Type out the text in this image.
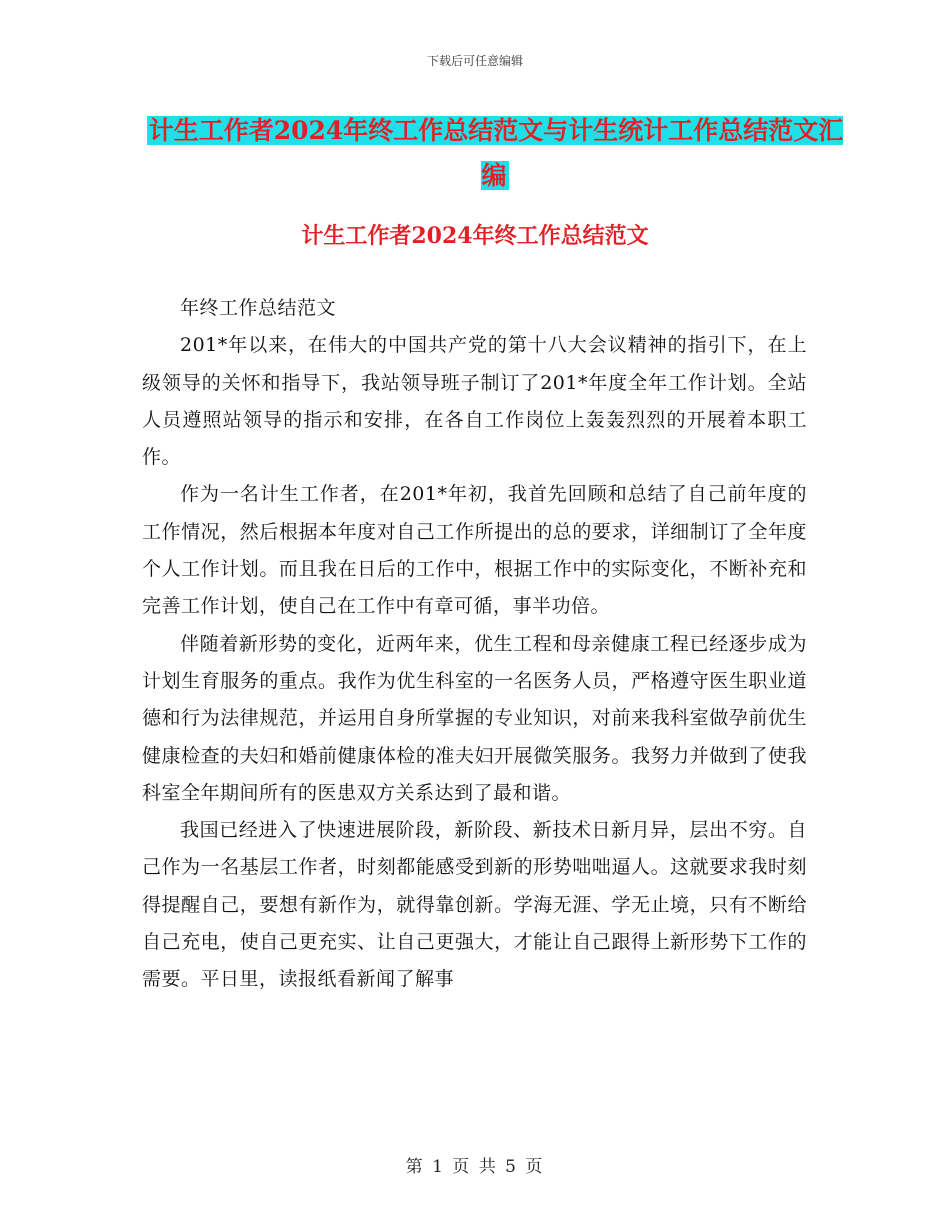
下载后可任意编辑
计生工作者2024年终工作总结范文与计生统计工作总结范文汇编
计生工作者2024年终工作总结范文

年终工作总结范文

201*年以来，在伟大的中国共产党的第十八大会议精神的指引下，在上级领导的关怀和指导下，我站领导班子制订了201*年度全年工作计划。全站人员遵照站领导的指示和安排，在各自工作岗位上轰轰烈烈的开展着本职工作。

作为一名计生工作者，在201*年初，我首先回顾和总结了自己前年度的工作情况，然后根据本年度对自己工作所提出的总的要求，详细制订了全年度个人工作计划。而且我在日后的工作中，根据工作中的实际变化，不断补充和完善工作计划，使自己在工作中有章可循，事半功倍。

伴随着新形势的变化，近两年来，优生工程和母亲健康工程已经逐步成为计划生育服务的重点。我作为优生科室的一名医务人员，严格遵守医生职业道德和行为法律规范，并运用自身所掌握的专业知识，对前来我科室做孕前优生健康检查的夫妇和婚前健康体检的准夫妇开展微笑服务。我努力并做到了使我科室全年期间所有的医患双方关系达到了最和谐。

我国已经进入了快速进展阶段，新阶段、新技术日新月异，层出不穷。自己作为一名基层工作者，时刻都能感受到新的形势咄咄逼人。这就要求我时刻得提醒自己，要想有新作为，就得靠创新。学海无涯、学无止境，只有不断给自己充电，使自己更充实、让自己更强大，才能让自己跟得上新形势下工作的需要。平日里，读报纸看新闻了解事

第 1 页 共 5 页
